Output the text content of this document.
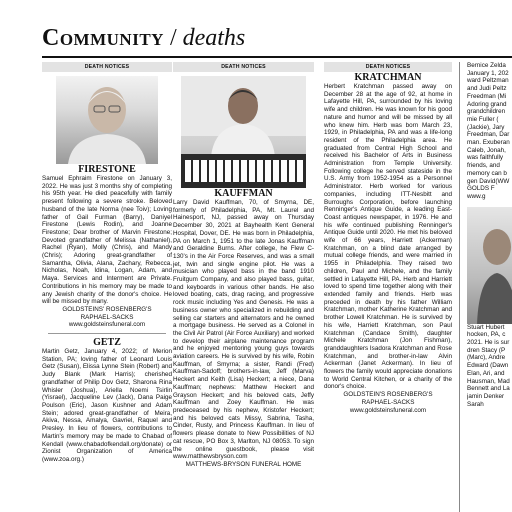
Community / deaths
DEATH NOTICES
FIRESTONE

Samuel Ephraim Firestone on January 3, 2022. He was just 3 months shy of completing his 95th year. He died peacefully with family present following a severe stroke. Beloved husband of the late Norma (nee Toiv); Loving father of Gail Furman (Barry), Daniyel Firestone (Lewis Rodin), and Joanne Firestone; Dear brother of Marvin Firestone; Devoted grandfather of Melissa (Nathaniel), Rachel (Ryan), Molly (Chris), and Mandy (Chris); Adoring great-grandfather of Samantha, Olivia, Alana, Zachary, Rebecca, Nicholas, Noah, Idina, Logan, Adam, and Maya. Services and Interment are Private. Contributions in his memory may be made to any Jewish charity of the donor's choice. He will be missed by many.

GOLDSTEINS' ROSENBERG'S
RAPHAEL-SACKS
www.goldsteinsfuneral.com
GETZ

Martin Getz, January 4, 2022; of Merion Station, PA; loving father of Leonard Louis Getz (Susan), Elissa Lynne Stein (Robert) and Judy Blank (Mark Harris); cherished grandfather of Philip Dov Getz, Sharona Rina Whisler (Joshua), Ariella Noemi Tsirlin (Yisrael), Jacqueline Lev (Jack), Dana Paige Poulson (Eric), Jason Kushner and Adam Stein; adored great-grandfather of Meira, Akiva, Nessa, Amalya, Gavriel, Raquel and Presley. In lieu of flowers, contributions to Martin's memory may be made to Chabad of Kendall (www.chabadofkendall.org/donate) or Zionist Organization of America (www.zoa.org.)

DEATH NOTICES
KAUFFMAN

Larry David Kauffman, 70, of Smyrna, DE, formerly of Philadelphia, PA, Mt. Laurel and Hainesport, NJ, passed away on Thursday December 30, 2021 at Bayhealth Kent General Hospital, Dover, DE. He was born in Philadelphia, PA on March 1, 1951 to the late Jonas Kauffman and Geraldine Burns. After college, he Flew C-130's in the Air Force Reserves, and was a small jet, twin and single engine pilot. He was a musician who played bass in the band 1910 Fruitgum Company, and also played bass, guitar, and keyboards in various other bands. He also loved boating, cats, drag racing, and progressive rock music including Yes and Genesis. He was a business owner who specialized in rebuilding and selling car starters and alternators and he owned a mortgage business. He served as a Colonel in the Civil Air Patrol (Air Force Auxiliary) and worked to develop their airplane maintenance program and he enjoyed mentoring young guys towards aviation careers. He is survived by his wife, Robin Kauffman, of Smyrna; a sister, Randi (Fred) Kauffman-Sadoff; brothers-in-law, Jeff (Marva) Heckert and Keith (Lisa) Heckert; a niece, Dana Kauffman; nephews: Matthew Heckert and Grayson Heckert; and his beloved cats, Jeffy Kauffman and Zoey Kauffman. He was predeceased by his nephew, Kristofer Heckert; and his beloved cats Missy, Sabrina, Tasha, Cinder, Rusty, and Princess Kauffman. In lieu of flowers please donate to New Possibilities of NJ cat rescue, PO Box 3, Marlton, NJ 08053. To sign the online guestbook, please visit www.matthewsbryson.com

MATTHEWS-BRYSON FUNERAL HOME
DEATH NOTICES
KRATCHMAN

Herbert Kratchman passed away on December 28 at the age of 92, at home in Lafayette Hill, PA, surrounded by his loving wife and children. He was known for his good nature and humor and will be missed by all who knew him. Herb was born March 23, 1929, in Philadelphia, PA and was a life-long resident of the Philadelphia area. He graduated from Central High School and received his Bachelor of Arts in Business Administration from Temple University. Following college he served stateside in the U.S. Army from 1952-1954 as a Personnel Administrator. Herb worked for various companies, including ITT-Nesbitt and Burroughs Corporation, before launching Renninger's Antique Guide, a leading East-Coast antiques newspaper, in 1976. He and his wife continued publishing Renninger's Antique Guide until 2020. He met his beloved wife of 66 years, Harriett (Ackerman) Kratchman, on a blind date arranged by mutual college friends, and were married in 1955 in Philadelphia. They raised two children, Paul and Michele, and the family settled in Lafayette Hill, PA. Herb and Harriett loved to spend time together along with their extended family and friends. Herb was preceded in death by his father William Kratchman, mother Katherine Kratchman and brother Lowell Kratchman. He is survived by his wife, Harriett Kratchman, son Paul Kratchman (Candace Smith), daughter Michele Kratchman (Jon Fishman), granddaughters Isadora Kratchman and Rose Kratchman, and brother-in-law Alvin Ackerman (Janet Ackerman). In lieu of flowers the family would appreciate donations to World Central Kitchen, or a charity of the donor's choice.

GOLDSTEIN'S ROSENBERG'S
RAPHAEL-SACKS
www.goldsteinsfuneral.com

Bernice Zelda January 1, 202 ward Peltzman and Judi Peltz Freedman (Mi Adoring grand grandchildren mie Fuller ( (Jackie), Jary Freedman, Dar man. Exuberan Caleb, Jonah, was faithfully friends, and memory can b gen David(WW GOLDS F www.g

Stuart Hubert hocken, PA, c 2021. He is sur dren Stacy (P (Marc), Andre Edward (Dawn Elan, Ari, and Hausman, Mad Bennett and La jamin Denker Sarah
